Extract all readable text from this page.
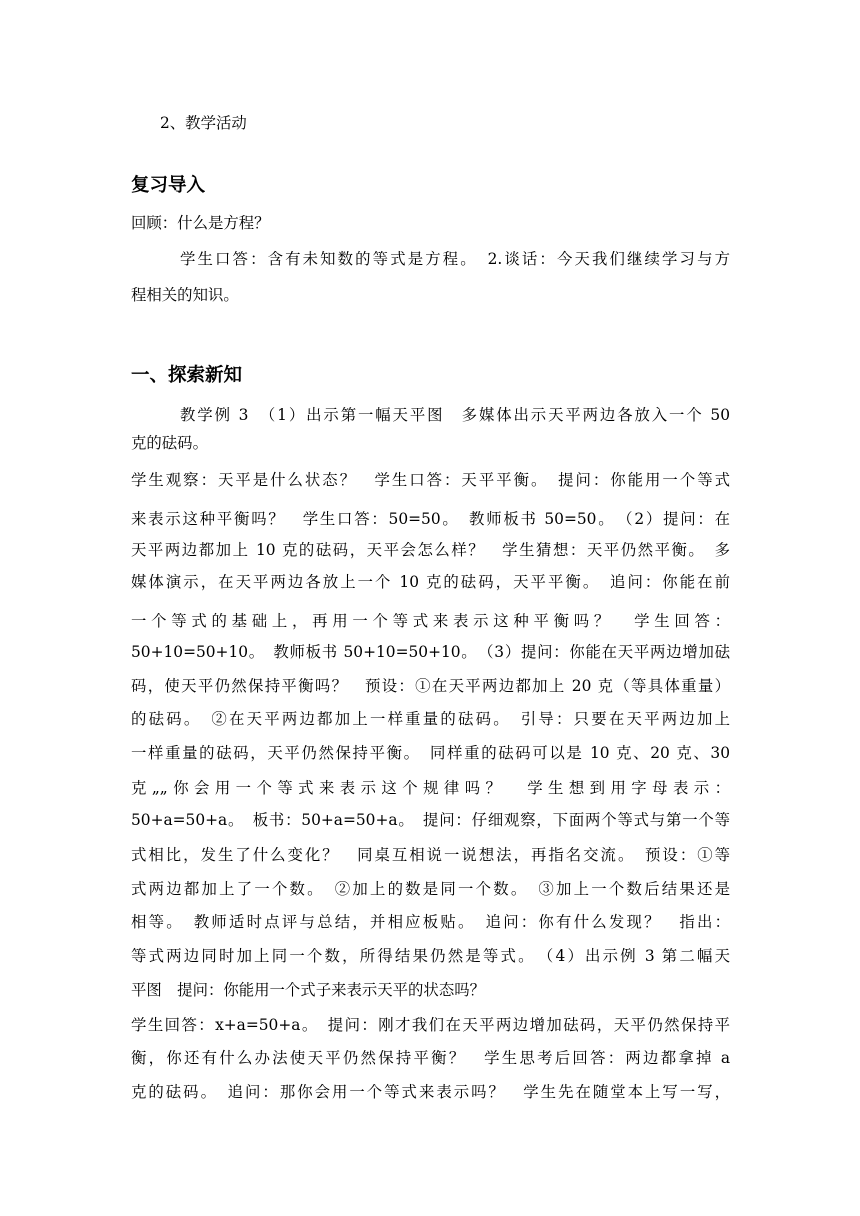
2、教学活动
复习导入
回顾：什么是方程？
学生口答：含有未知数的等式是方程。　2.谈话：今天我们继续学习与方
程相关的知识。
一、探索新知
教学例 3　（1）出示第一幅天平图　多媒体出示天平两边各放入一个 50
克的砝码。
学生观察：天平是什么状态？　学生口答：天平平衡。　提问：你能用一个等式
来表示这种平衡吗？　学生口答：50=50。　教师板书 50=50。　（2）提问：在
天平两边都加上 10 克的砝码，天平会怎么样？　学生猜想：天平仍然平衡。　多
媒体演示，在天平两边各放上一个 10 克的砝码，天平平衡。　追问：你能在前
一个等式的基础上，再用一个等式来表示这种平衡吗？　学生回答：
50+10=50+10。　教师板书 50+10=50+10。　（3）提问：你能在天平两边增加砝
码，使天平仍然保持平衡吗？　预设：①在天平两边都加上 20 克（等具体重量）
的砝码。　②在天平两边都加上一样重量的砝码。　引导：只要在天平两边加上
一样重量的砝码，天平仍然保持平衡。　同样重的砝码可以是 10 克、20 克、30
克„„你会用一个等式来表示这个规律吗？　学生想到用字母表示：
50+a=50+a。　板书：50+a=50+a。　提问：仔细观察，下面两个等式与第一个等
式相比，发生了什么变化？　同桌互相说一说想法，再指名交流。　预设：①等
式两边都加上了一个数。　②加上的数是同一个数。　③加上一个数后结果还是
相等。　教师适时点评与总结，并相应板贴。　追问：你有什么发现？　指出：
等式两边同时加上同一个数，所得结果仍然是等式。　（4）出示例 3 第二幅天
平图　提问：你能用一个式子来表示天平的状态吗？
学生回答：x+a=50+a。　提问：刚才我们在天平两边增加砝码，天平仍然保持平
衡，你还有什么办法使天平仍然保持平衡？　学生思考后回答：两边都拿掉 a
克的砝码。　追问：那你会用一个等式来表示吗？　学生先在随堂本上写一写，
